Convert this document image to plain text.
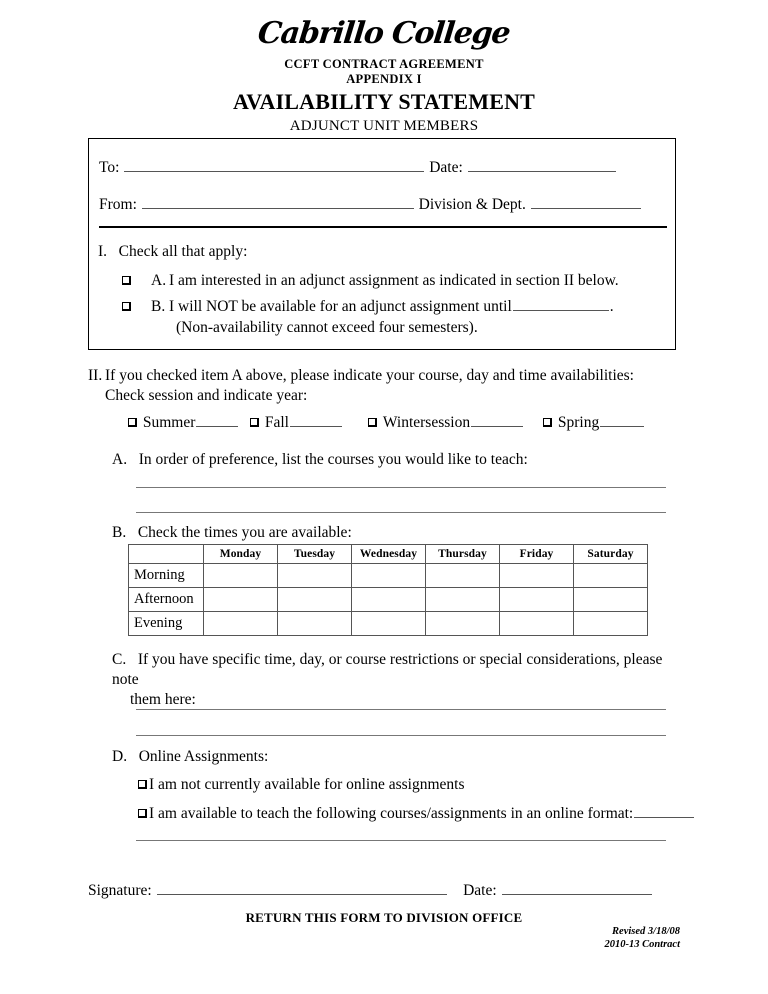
Cabrillo College
CCFT CONTRACT AGREEMENT
APPENDIX I
AVAILABILITY STATEMENT
ADJUNCT UNIT MEMBERS
To:	Date:
From:	Division & Dept.
I. Check all that apply:
A. I am interested in an adjunct assignment as indicated in section II below.
B. I will NOT be available for an adjunct assignment until	.
(Non-availability cannot exceed four semesters).
II. If you checked item A above, please indicate your course, day and time availabilities:
Check session and indicate year:
Summer	Fall	Wintersession	Spring
A. In order of preference, list the courses you would like to teach:
B. Check the times you are available:
	Monday	Tuesday	Wednesday	Thursday	Friday	Saturday
Morning						
Afternoon						
Evening						
C. If you have specific time, day, or course restrictions or special considerations, please note
them here:
D. Online Assignments:
I am not currently available for online assignments
I am available to teach the following courses/assignments in an online format:
Signature:	Date:
RETURN THIS FORM TO DIVISION OFFICE
Revised 3/18/08
2010-13 Contract
